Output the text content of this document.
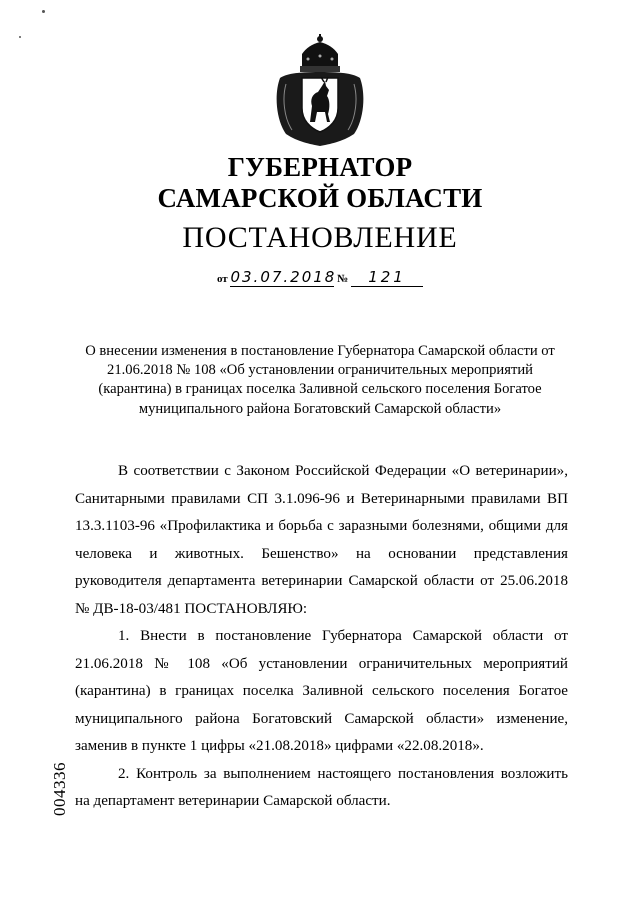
ГУБЕРНАТОР
САМАРСКОЙ ОБЛАСТИ
ПОСТАНОВЛЕНИЕ
от 03.07.2018 № 121
О внесении изменения в постановление Губернатора Самарской области от 21.06.2018 № 108 «Об установлении ограничительных мероприятий (карантина) в границах поселка Заливной сельского поселения Богатое муниципального района Богатовский Самарской области»

В соответствии с Законом Российской Федерации «О ветеринарии», Санитарными правилами СП 3.1.096-96 и Ветеринарными правилами ВП 13.3.1103-96 «Профилактика и борьба с заразными болезнями, общими для человека и животных. Бешенство» на основании представления руководителя департамента ветеринарии Самарской области от 25.06.2018 № ДВ-18-03/481 ПОСТАНОВЛЯЮ:

1. Внести в постановление Губернатора Самарской области от 21.06.2018 № 108 «Об установлении ограничительных мероприятий (карантина) в границах поселка Заливной сельского поселения Богатое муниципального района Богатовский Самарской области» изменение, заменив в пункте 1 цифры «21.08.2018» цифрами «22.08.2018».

2. Контроль за выполнением настоящего постановления возложить на департамент ветеринарии Самарской области.

004336
